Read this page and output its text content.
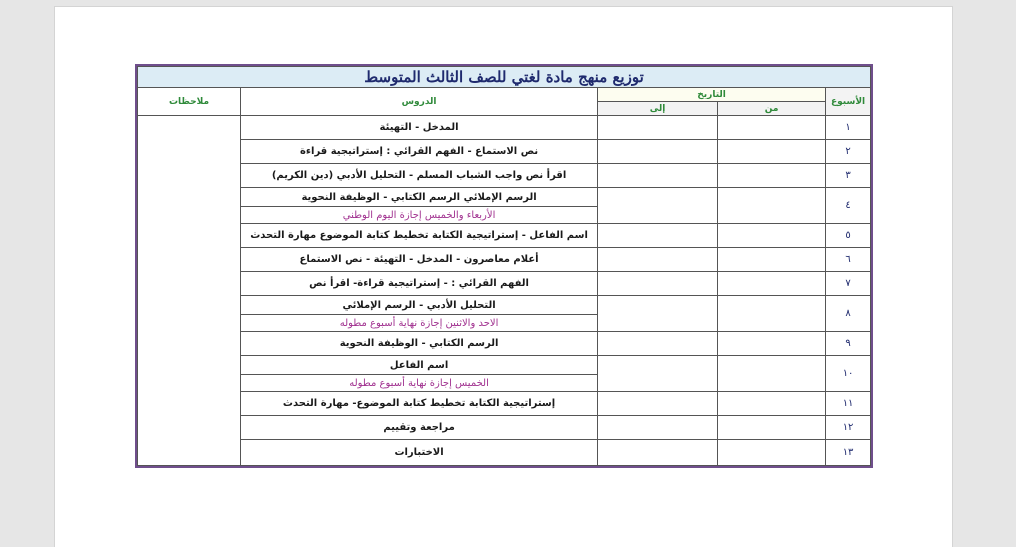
توزيع منهج مادة لغتي للصف الثالث المتوسط				
الأسبوع	التاريخ		الدروس	ملاحظات
	من	إلى		
١			المدخل - التهيئة	
٢			نص الاستماع - الفهم القرائي : إستراتيجية قراءة	
٣			اقرأ نص واجب الشباب المسلم - التحليل الأدبي (دين الكريم)	
٤			الرسم الإملائي الرسم الكتابي - الوظيفة النحوية	
			الأربعاء والخميس إجازة اليوم الوطني	
٥			اسم الفاعل - إستراتيجية الكتابة تخطيط كتابة الموضوع مهارة التحدث	
٦			أعلام معاصرون - المدخل - التهيئة - نص الاستماع	
٧			الفهم القرائي : - إستراتيجية قراءة- اقرأ نص	
٨			التحليل الأدبي - الرسم الإملائي	
			الاحد والاثنين إجازة نهاية أسبوع مطوله	
٩			الرسم الكتابي - الوظيفة النحوية	
١٠			اسم الفاعل	
			الخميس إجازة نهاية أسبوع مطوله	
١١			إستراتيجية الكتابة تخطيط كتابة الموضوع- مهارة التحدث	
١٢			مراجعة وتقييم	
١٣			الاختبارات	
